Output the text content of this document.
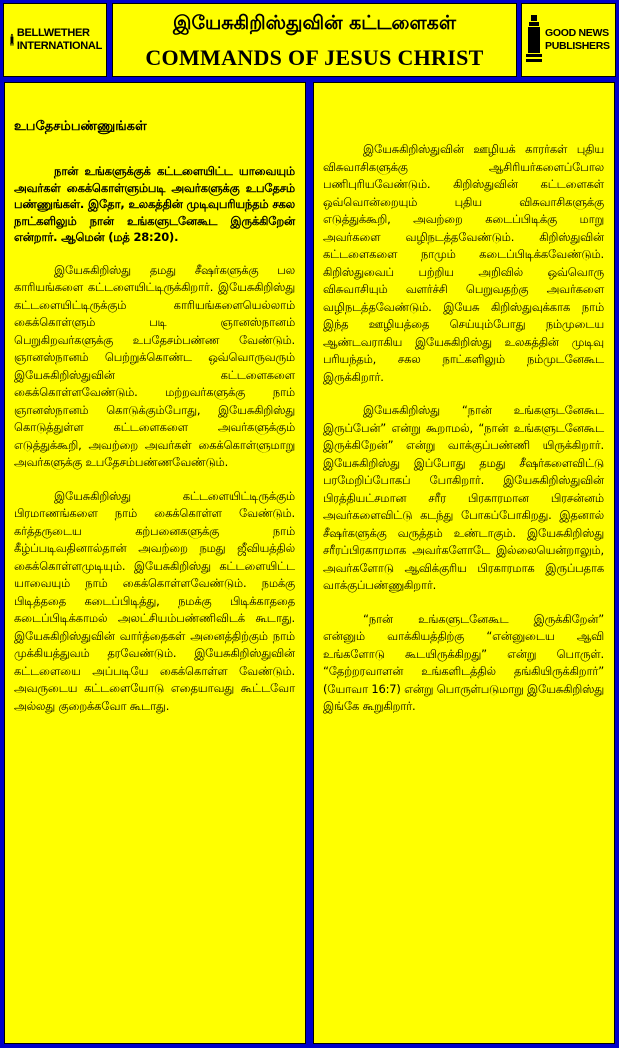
BELLWETHER
INTERNATIONAL
இயேசுகிறிஸ்துவின் கட்டளைகள்
COMMANDS OF JESUS CHRIST
GOOD NEWS
PUBLISHERS
உபதேசம்பண்ணுங்கள்

நான் உங்களுக்குக் கட்டளையிட்ட யாவையும் அவர்கள் கைக்கொள்ளும்படி அவர்களுக்கு உபதேசம் பண்ணுங்கள். இதோ, உலகத்தின் முடிவுபரியந்தம் சகல நாட்களிலும் நான் உங்களுடனேகூட இருக்கிறேன் என்றார். ஆமென் (மத் 28:20).

இயேசுகிறிஸ்து தமது சீஷர்களுக்கு பல காரியங்களை கட்டளையிட்டிருக்கிறார். இயேசுகிறிஸ்து கட்டளையிட்டிருக்கும் காரியங்களையெல்லாம் கைக்கொள்ளும் படி ஞானஸ்நானம் பெறுகிறவர்களுக்கு உபதேசம்பண்ண வேண்டும். ஞானஸ்நானம் பெற்றுக்கொண்ட ஒவ்வொருவரும் இயேசுகிறிஸ்துவின் கட்டளைகளை கைக்கொள்ளவேண்டும். மற்றவர்களுக்கு நாம் ஞானஸ்நானம் கொடுக்கும்போது, இயேசுகிறிஸ்து கொடுத்துள்ள கட்டளைகளை அவர்களுக்கும் எடுத்துக்கூறி, அவற்றை அவர்கள் கைக்கொள்ளுமாறு அவர்களுக்கு உபதேசம்பண்ணவேண்டும்.

இயேசுகிறிஸ்து கட்டளையிட்டிருக்கும் பிரமாணங்களை நாம் கைக்கொள்ள வேண்டும். கர்த்தருடைய கற்பனைகளுக்கு நாம் கீழ்ப்படிவதினால்தான் அவற்றை நமது ஜீவியத்தில் கைக்கொள்ளமுடியும். இயேசுகிறிஸ்து கட்டளையிட்ட யாவையும் நாம் கைக்கொள்ளவேண்டும். நமக்கு பிடித்ததை கடைப்பிடித்து, நமக்கு பிடிக்காததை கடைப்பிடிக்காமல் அலட்சியம்பண்ணிவிடக் கூடாது. இயேசுகிறிஸ்துவின் வார்த்தைகள் அனைத்திற்கும் நாம் முக்கியத்துவம் தரவேண்டும். இயேசுகிறிஸ்துவின் கட்டளையை அப்படியே கைக்கொள்ள வேண்டும். அவருடைய கட்டளையோடு எதையாவது கூட்டவோ அல்லது குறைக்கவோ கூடாது.

இயேசுகிறிஸ்துவின் ஊழியக் காரர்கள் புதிய விசுவாசிகளுக்கு ஆசிரியர்களைப்போல பணிபுரியவேண்டும். கிறிஸ்துவின் கட்டளைகள் ஒவ்வொன்றையும் புதிய விசுவாசிகளுக்கு எடுத்துக்கூறி, அவற்றை கடைப்பிடிக்கு மாறு அவர்களை வழிநடத்தவேண்டும். கிறிஸ்துவின் கட்டளைகளை நாமும் கடைப்பிடிக்கவேண்டும். கிறிஸ்துவைப் பற்றிய அறிவில் ஒவ்வொரு விசுவாசியும் வளர்ச்சி பெறுவதற்கு அவர்களை வழிநடத்தவேண்டும். இயேசு கிறிஸ்துவுக்காக நாம் இந்த ஊழியத்தை செய்யும்போது நம்முடைய ஆண்டவராகிய இயேசுகிறிஸ்து உலகத்தின் முடிவு பரியந்தம், சகல நாட்களிலும் நம்முடனேகூட இருக்கிறார்.

இயேசுகிறிஸ்து “நான் உங்களுடனேகூட இருப்பேன்” என்று கூறாமல், “நான் உங்களுடனேகூட இருக்கிறேன்” என்று வாக்குப்பண்ணி யிருக்கிறார். இயேசுகிறிஸ்து இப்போது தமது சீஷர்களைவிட்டு பரமேறிப்போகப் போகிறார். இயேசுகிறிஸ்துவின் பிரத்தியட்சமான சரீர பிரகாரமான பிரசன்னம் அவர்களைவிட்டு கடந்து போகப்போகிறது. இதனால் சீஷர்களுக்கு வருத்தம் உண்டாகும். இயேசுகிறிஸ்து சரீரப்பிரகாரமாக அவர்களோடே இல்லையென்றாலும், அவர்களோடு ஆவிக்குரிய பிரகாரமாக இருப்பதாக வாக்குப்பண்ணுகிறார்.

“நான் உங்களுடனேகூட இருக்கிறேன்” என்னும் வாக்கியத்திற்கு “என்னுடைய ஆவி உங்களோடு கூடயிருக்கிறது” என்று பொருள். “தேற்றரவாளன் உங்களிடத்தில் தங்கியிருக்கிறார்” (யோவா 16:7) என்று பொருள்படுமாறு இயேசுகிறிஸ்து இங்கே கூறுகிறார்.
